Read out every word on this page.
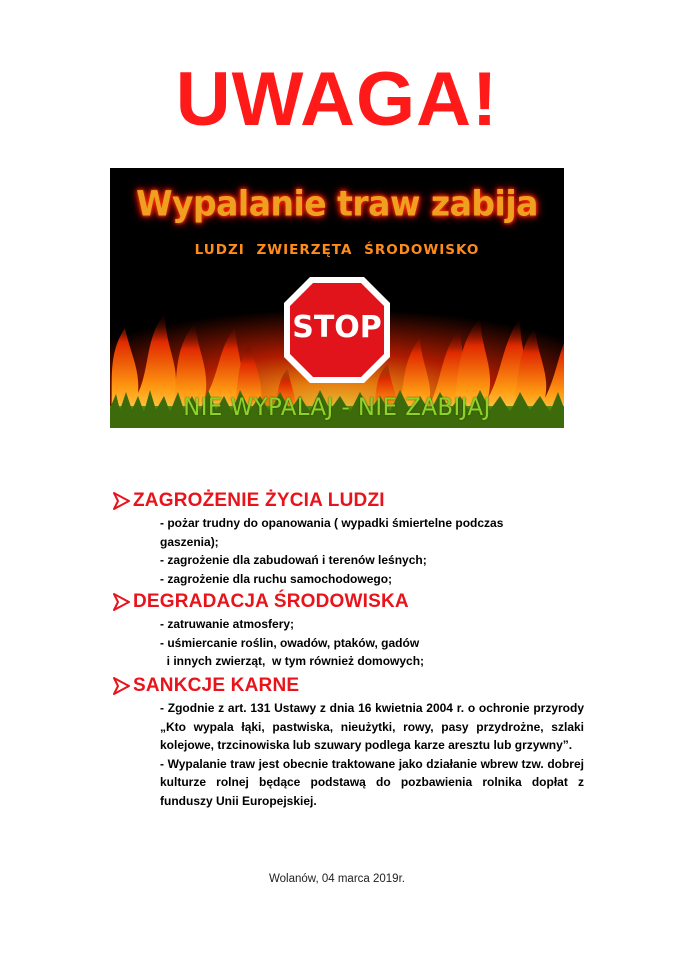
UWAGA!
Wypalanie traw zabija
LUDZI ZWIERZĘTA ŚRODOWISKO
STOP
NIE WYPALAJ - NIE ZABIJAJ
ZAGROŻENIE ŻYCIA LUDZI
- pożar trudny do opanowania ( wypadki śmiertelne podczas
gaszenia);
- zagrożenie dla zabudowań i terenów leśnych;
- zagrożenie dla ruchu samochodowego;
DEGRADACJA ŚRODOWISKA
- zatruwanie atmosfery;
- uśmiercanie roślin, owadów, ptaków, gadów
i innych zwierząt,  w tym również domowych;
SANKCJE KARNE

- Zgodnie z art. 131 Ustawy z dnia 16 kwietnia 2004 r. o ochronie przyrody „Kto wypala łąki, pastwiska, nieużytki, rowy, pasy przydrożne, szlaki kolejowe, trzcinowiska lub szuwary podlega karze aresztu lub grzywny”.

- Wypalanie traw jest obecnie traktowane jako działanie wbrew tzw. dobrej kulturze rolnej będące podstawą do pozbawienia rolnika dopłat z funduszy Unii Europejskiej.

Wolanów, 04 marca 2019r.
